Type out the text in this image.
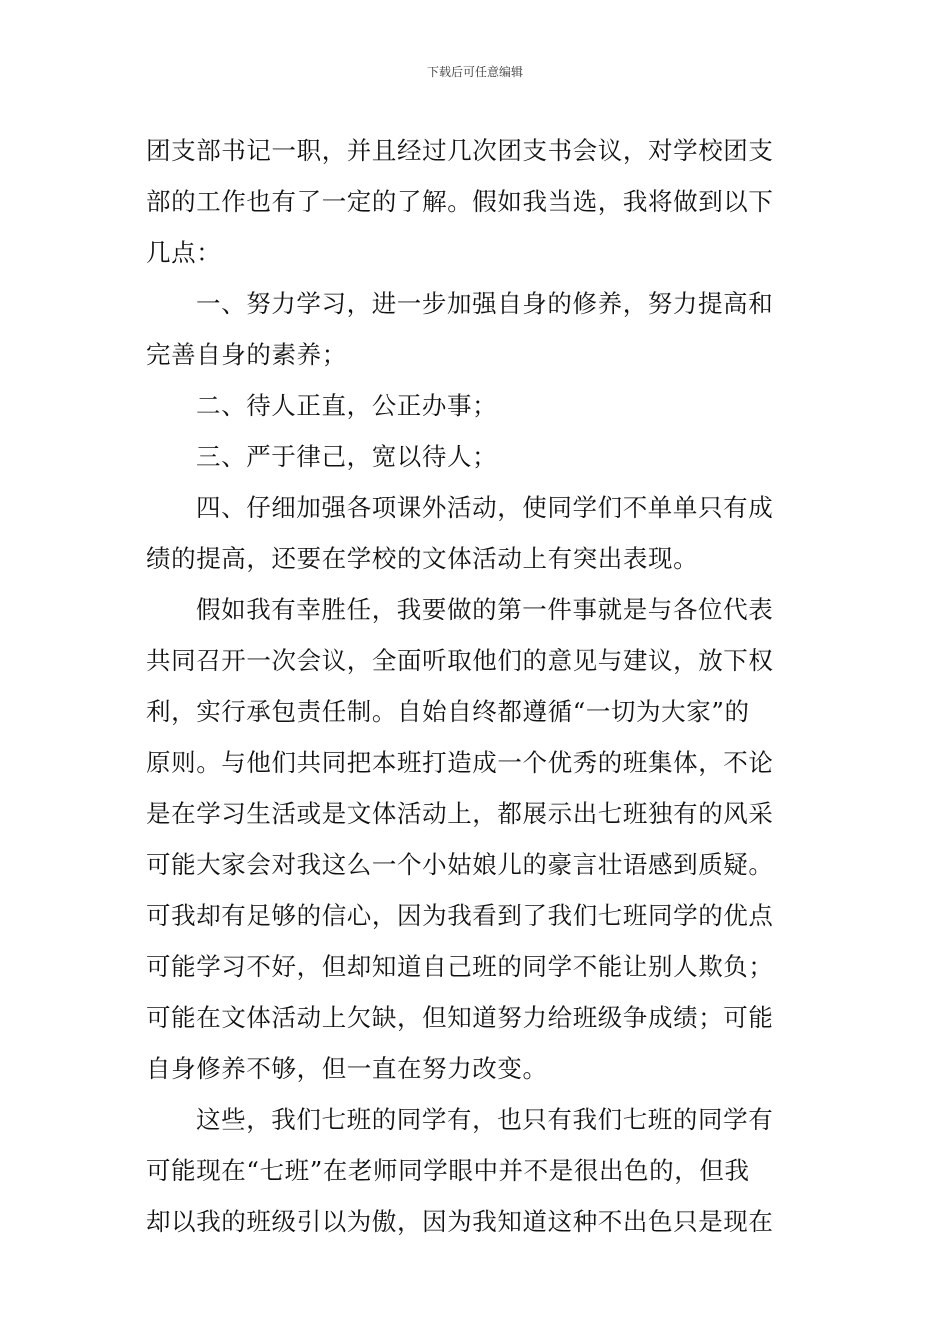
下载后可任意编辑
团支部书记一职，并且经过几次团支书会议，对学校团支
部的工作也有了一定的了解。假如我当选，我将做到以下
几点：
一、努力学习，进一步加强自身的修养，努力提高和
完善自身的素养；
二、待人正直，公正办事；
三、严于律己，宽以待人；
四、仔细加强各项课外活动，使同学们不单单只有成
绩的提高，还要在学校的文体活动上有突出表现。
假如我有幸胜任，我要做的第一件事就是与各位代表
共同召开一次会议，全面听取他们的意见与建议，放下权
利，实行承包责任制。自始自终都遵循“一切为大家”的
原则。与他们共同把本班打造成一个优秀的班集体，不论
是在学习生活或是文体活动上，都展示出七班独有的风采
可能大家会对我这么一个小姑娘儿的豪言壮语感到质疑。
可我却有足够的信心，因为我看到了我们七班同学的优点
可能学习不好，但却知道自己班的同学不能让别人欺负；
可能在文体活动上欠缺，但知道努力给班级争成绩；可能
自身修养不够，但一直在努力改变。
这些，我们七班的同学有，也只有我们七班的同学有
可能现在“七班”在老师同学眼中并不是很出色的，但我
却以我的班级引以为傲，因为我知道这种不出色只是现在
